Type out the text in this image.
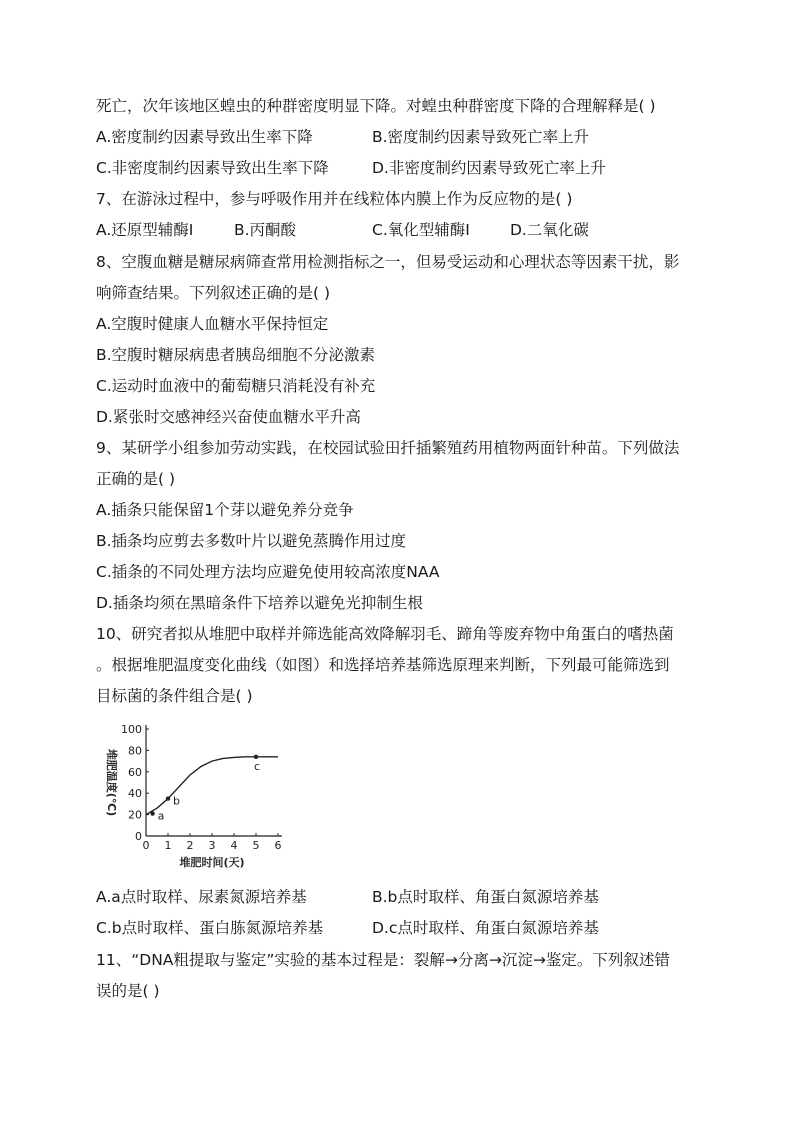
死亡，次年该地区蝗虫的种群密度明显下降。对蝗虫种群密度下降的合理解释是( )
A.密度制约因素导致出生率下降	B.密度制约因素导致死亡率上升
C.非密度制约因素导致出生率下降	D.非密度制约因素导致死亡率上升
7、在游泳过程中，参与呼吸作用并在线粒体内膜上作为反应物的是( )
A.还原型辅酶Ⅰ	B.丙酮酸	C.氧化型辅酶Ⅰ	D.二氧化碳
8、空腹血糖是糖尿病筛查常用检测指标之一，但易受运动和心理状态等因素干扰，影
响筛查结果。下列叙述正确的是( )
A.空腹时健康人血糖水平保持恒定
B.空腹时糖尿病患者胰岛细胞不分泌激素
C.运动时血液中的葡萄糖只消耗没有补充
D.紧张时交感神经兴奋使血糖水平升高
9、某研学小组参加劳动实践，在校园试验田扦插繁殖药用植物两面针种苗。下列做法
正确的是( )
A.插条只能保留1个芽以避免养分竞争
B.插条均应剪去多数叶片以避免蒸腾作用过度
C.插条的不同处理方法均应避免使用较高浓度NAA
D.插条均须在黑暗条件下培养以避免光抑制生根
10、研究者拟从堆肥中取样并筛选能高效降解羽毛、蹄角等废弃物中角蛋白的嗜热菌
。根据堆肥温度变化曲线（如图）和选择培养基筛选原理来判断，下列最可能筛选到
目标菌的条件组合是( )
0
20
40
60
80
100
0 1 2 3 4 5 6
堆肥时间(天)
堆肥温度(℃)	a
b
c
A.a点时取样、尿素氮源培养基	B.b点时取样、角蛋白氮源培养基
C.b点时取样、蛋白胨氮源培养基	D.c点时取样、角蛋白氮源培养基
11、“DNA粗提取与鉴定”实验的基本过程是：裂解→分离→沉淀→鉴定。下列叙述错
误的是( )
